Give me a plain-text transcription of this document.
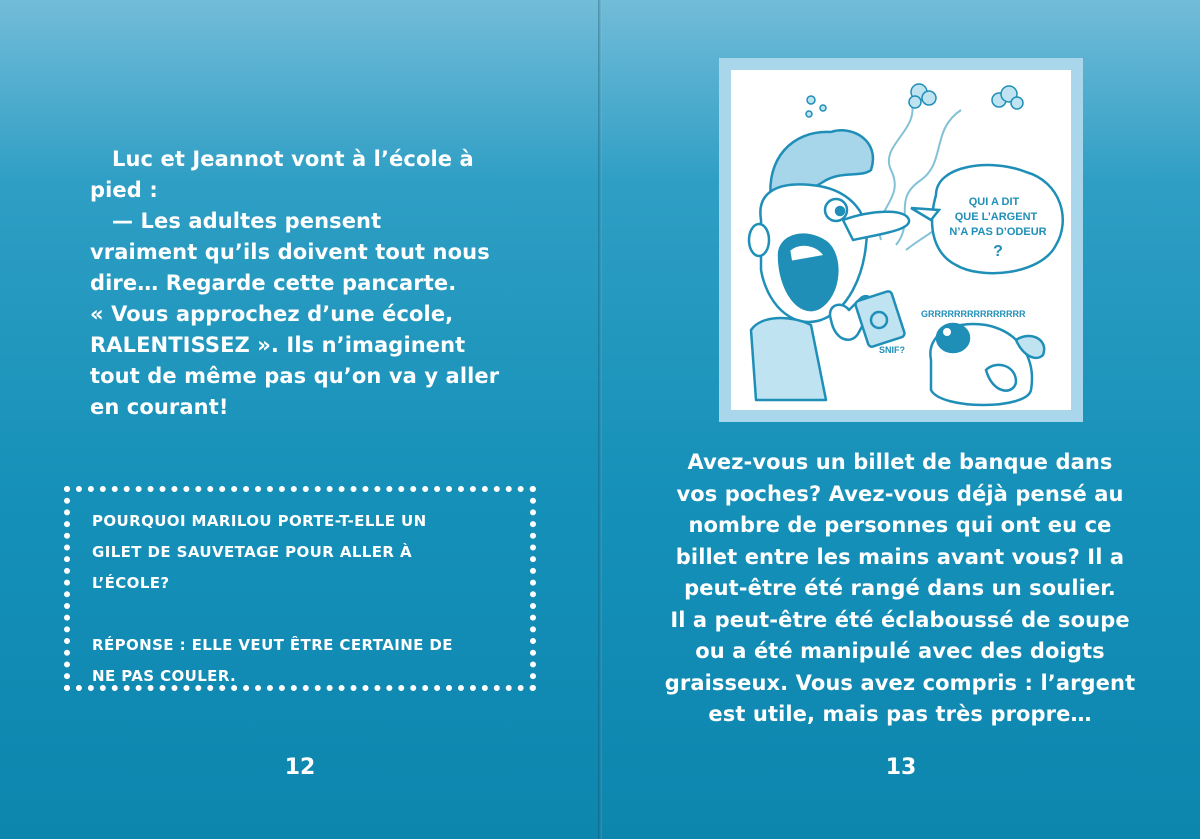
Luc et Jeannot vont à l’école à

pied :

— Les adultes pensent

vraiment qu’ils doivent tout nous

dire… Regarde cette pancarte.

« Vous approchez d’une école,

RALENTISSEZ ». Ils n’imaginent

tout de même pas qu’on va y aller

en courant!

POURQUOI MARILOU PORTE-T-ELLE UN

GILET DE SAUVETAGE POUR ALLER À

L’ÉCOLE?

RÉPONSE : ELLE VEUT ÊTRE CERTAINE DE

NE PAS COULER.

12
QUI A DIT
QUE L’ARGENT
N’A PAS D’ODEUR
?
GRRRRRRRRRRRRRRR
SNIF?

Avez-vous un billet de banque dans

vos poches? Avez-vous déjà pensé au

nombre de personnes qui ont eu ce

billet entre les mains avant vous? Il a

peut-être été rangé dans un soulier.

Il a peut-être été éclaboussé de soupe

ou a été manipulé avec des doigts

graisseux. Vous avez compris : l’argent

est utile, mais pas très propre…

13
